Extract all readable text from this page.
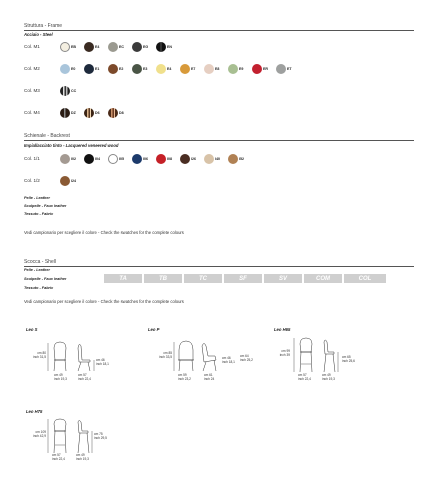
Struttura - Frame
Acciaio - Steel
Col. M1	EB	E4	EC	EG	EN
Col. M2	E0	E1	E2	E3	E4	E7	E8	E9	ER	ET
Col. M3	CC
Col. M4	DZ	D6	D8
Schienale - Backrest
Impiallacciato tinto - Lacquered veneered wood
Col. 1/1	I02	I04	I05	I06	I08	I26	I40	I52
Col. 1/2	I24
Pelle - Leather
Sculpelle - Faux leather
Tessuto - Fabric
Vedi campionario per scegliere il colore - Check the swatches for the complete colours
Scocca - Shell
Pelle - Leather
Sculpelle - Faux leather
Tessuto - Fabric
TA	TB	TC	SF	SV	COM	COL
Vedi campionario per scegliere il colore - Check the swatches for the complete colours
Leo S
cm 80
inch 31,5
cm 46
inch 18,1
cm 49
inch 19,3
cm 57
inch 22,4
Leo P
cm 85
inch 33,5	cm 46
inch 18,1
cm 64
inch 25,2
cm 59
inch 23,2
cm 61
inch 24
Leo H65
cm 99
inch 39
cm 65
inch 25,6
cm 57
inch 22,4
cm 49
inch 19,3
Leo H75
cm 109
inch 42,9	cm 75
inch 29,5
cm 57
inch 22,4
cm 49
inch 19,3
